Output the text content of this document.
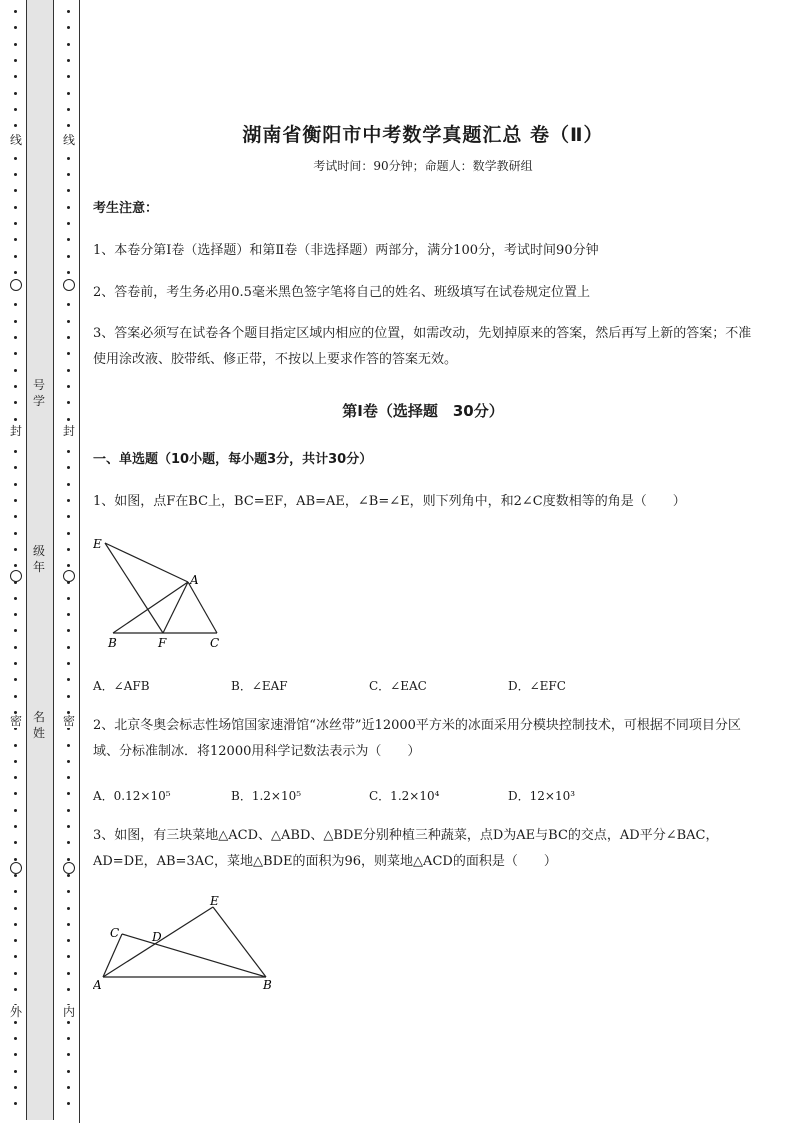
线
封
密
外
线
封
密
内
号
学
级
年
名
姓
湖南省衡阳市中考数学真题汇总 卷（Ⅱ）
考试时间：90分钟；命题人：数学教研组
考生注意：
1、本卷分第I卷（选择题）和第Ⅱ卷（非选择题）两部分，满分100分，考试时间90分钟
2、答卷前，考生务必用0.5毫米黑色签字笔将自己的姓名、班级填写在试卷规定位置上
3、答案必须写在试卷各个题目指定区域内相应的位置，如需改动，先划掉原来的答案，然后再写上新的答案；不准使用涂改液、胶带纸、修正带，不按以上要求作答的答案无效。
第I卷（选择题　30分）
一、单选题（10小题，每小题3分，共计30分）
1、如图，点F在BC上，BC=EF，AB=AE，∠B=∠E，则下列角中，和2∠C度数相等的角是（　　）
E
A
B	F	C
A．∠AFB	B．∠EAF	C．∠EAC	D．∠EFC
2、北京冬奥会标志性场馆国家速滑馆“冰丝带”近12000平方米的冰面采用分模块控制技术，可根据不同项目分区域、分标准制冰．将12000用科学记数法表示为（　　）
A．0.12×10⁵	B．1.2×10⁵	C．1.2×10⁴	D．12×10³
3、如图，有三块菜地△ACD、△ABD、△BDE分别种植三种蔬菜，点D为AE与BC的交点，AD平分∠BAC，AD=DE，AB=3AC，菜地△BDE的面积为96，则菜地△ACD的面积是（　　）
E
C	D
A	B
